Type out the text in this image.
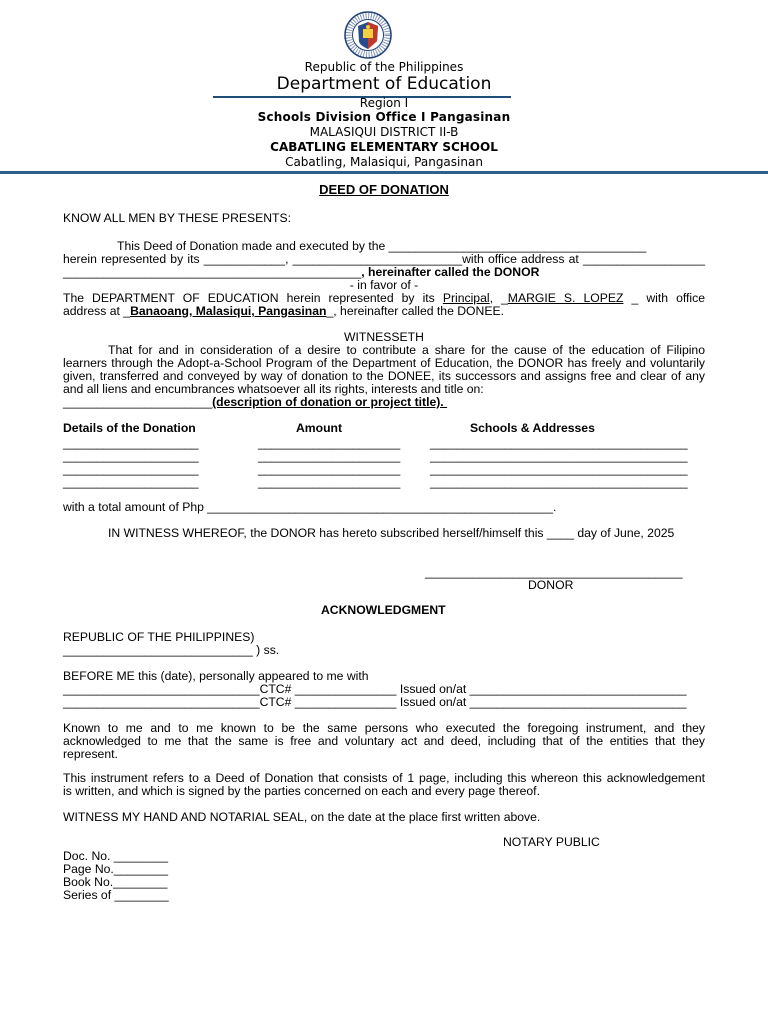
Republic of the Philippines
Department of Education
Region I
Schools Division Office I Pangasinan
MALASIQUI DISTRICT II-B
CABATLING ELEMENTARY SCHOOL
Cabatling, Malasiqui, Pangasinan
DEED OF DONATION
KNOW ALL MEN BY THESE PRESENTS:
This Deed of Donation made and executed by the ______________________________________
herein represented by its ____________, _________________________with office address at __________________
____________________________________________, hereinafter called the DONOR
- in favor of -
The DEPARTMENT OF EDUCATION herein represented by its Principal, _MARGIE S. LOPEZ _ with office
address at _Banaoang, Malasiqui, Pangasinan_, hereinafter called the DONEE.
WITNESSETH
That for and in consideration of a desire to contribute a share for the cause of the education of Filipino
learners through the Adopt-a-School Program of the Department of Education, the DONOR has freely and voluntarily
given, transferred and conveyed by way of donation to the DONEE, its successors and assigns free and clear of any
and all liens and encumbrances whatsoever all its rights, interests and title on:
______________________(description of donation or project title).
Details of the Donation	Amount	Schools & Addresses
____________________	_____________________ ______________________________________
____________________	_____________________ ______________________________________
____________________	_____________________ ______________________________________
____________________	_____________________ ______________________________________
with a total amount of Php ___________________________________________________.
IN WITNESS WHEREOF, the DONOR has hereto subscribed herself/himself this ____ day of June, 2025
______________________________________
DONOR
ACKNOWLEDGMENT
REPUBLIC OF THE PHILIPPINES)
____________________________ ) ss.
BEFORE ME this (date), personally appeared to me with
_____________________________CTC# _______________ Issued on/at ________________________________
_____________________________CTC# _______________ Issued on/at ________________________________
Known to me and to me known to be the same persons who executed the foregoing instrument, and they
acknowledged to me that the same is free and voluntary act and deed, including that of the entities that they
represent.
This instrument refers to a Deed of Donation that consists of 1 page, including this whereon this acknowledgement
is written, and which is signed by the parties concerned on each and every page thereof.
WITNESS MY HAND AND NOTARIAL SEAL, on the date at the place first written above.
NOTARY PUBLIC
Doc. No. ________
Page No.________
Book No.________
Series of ________
